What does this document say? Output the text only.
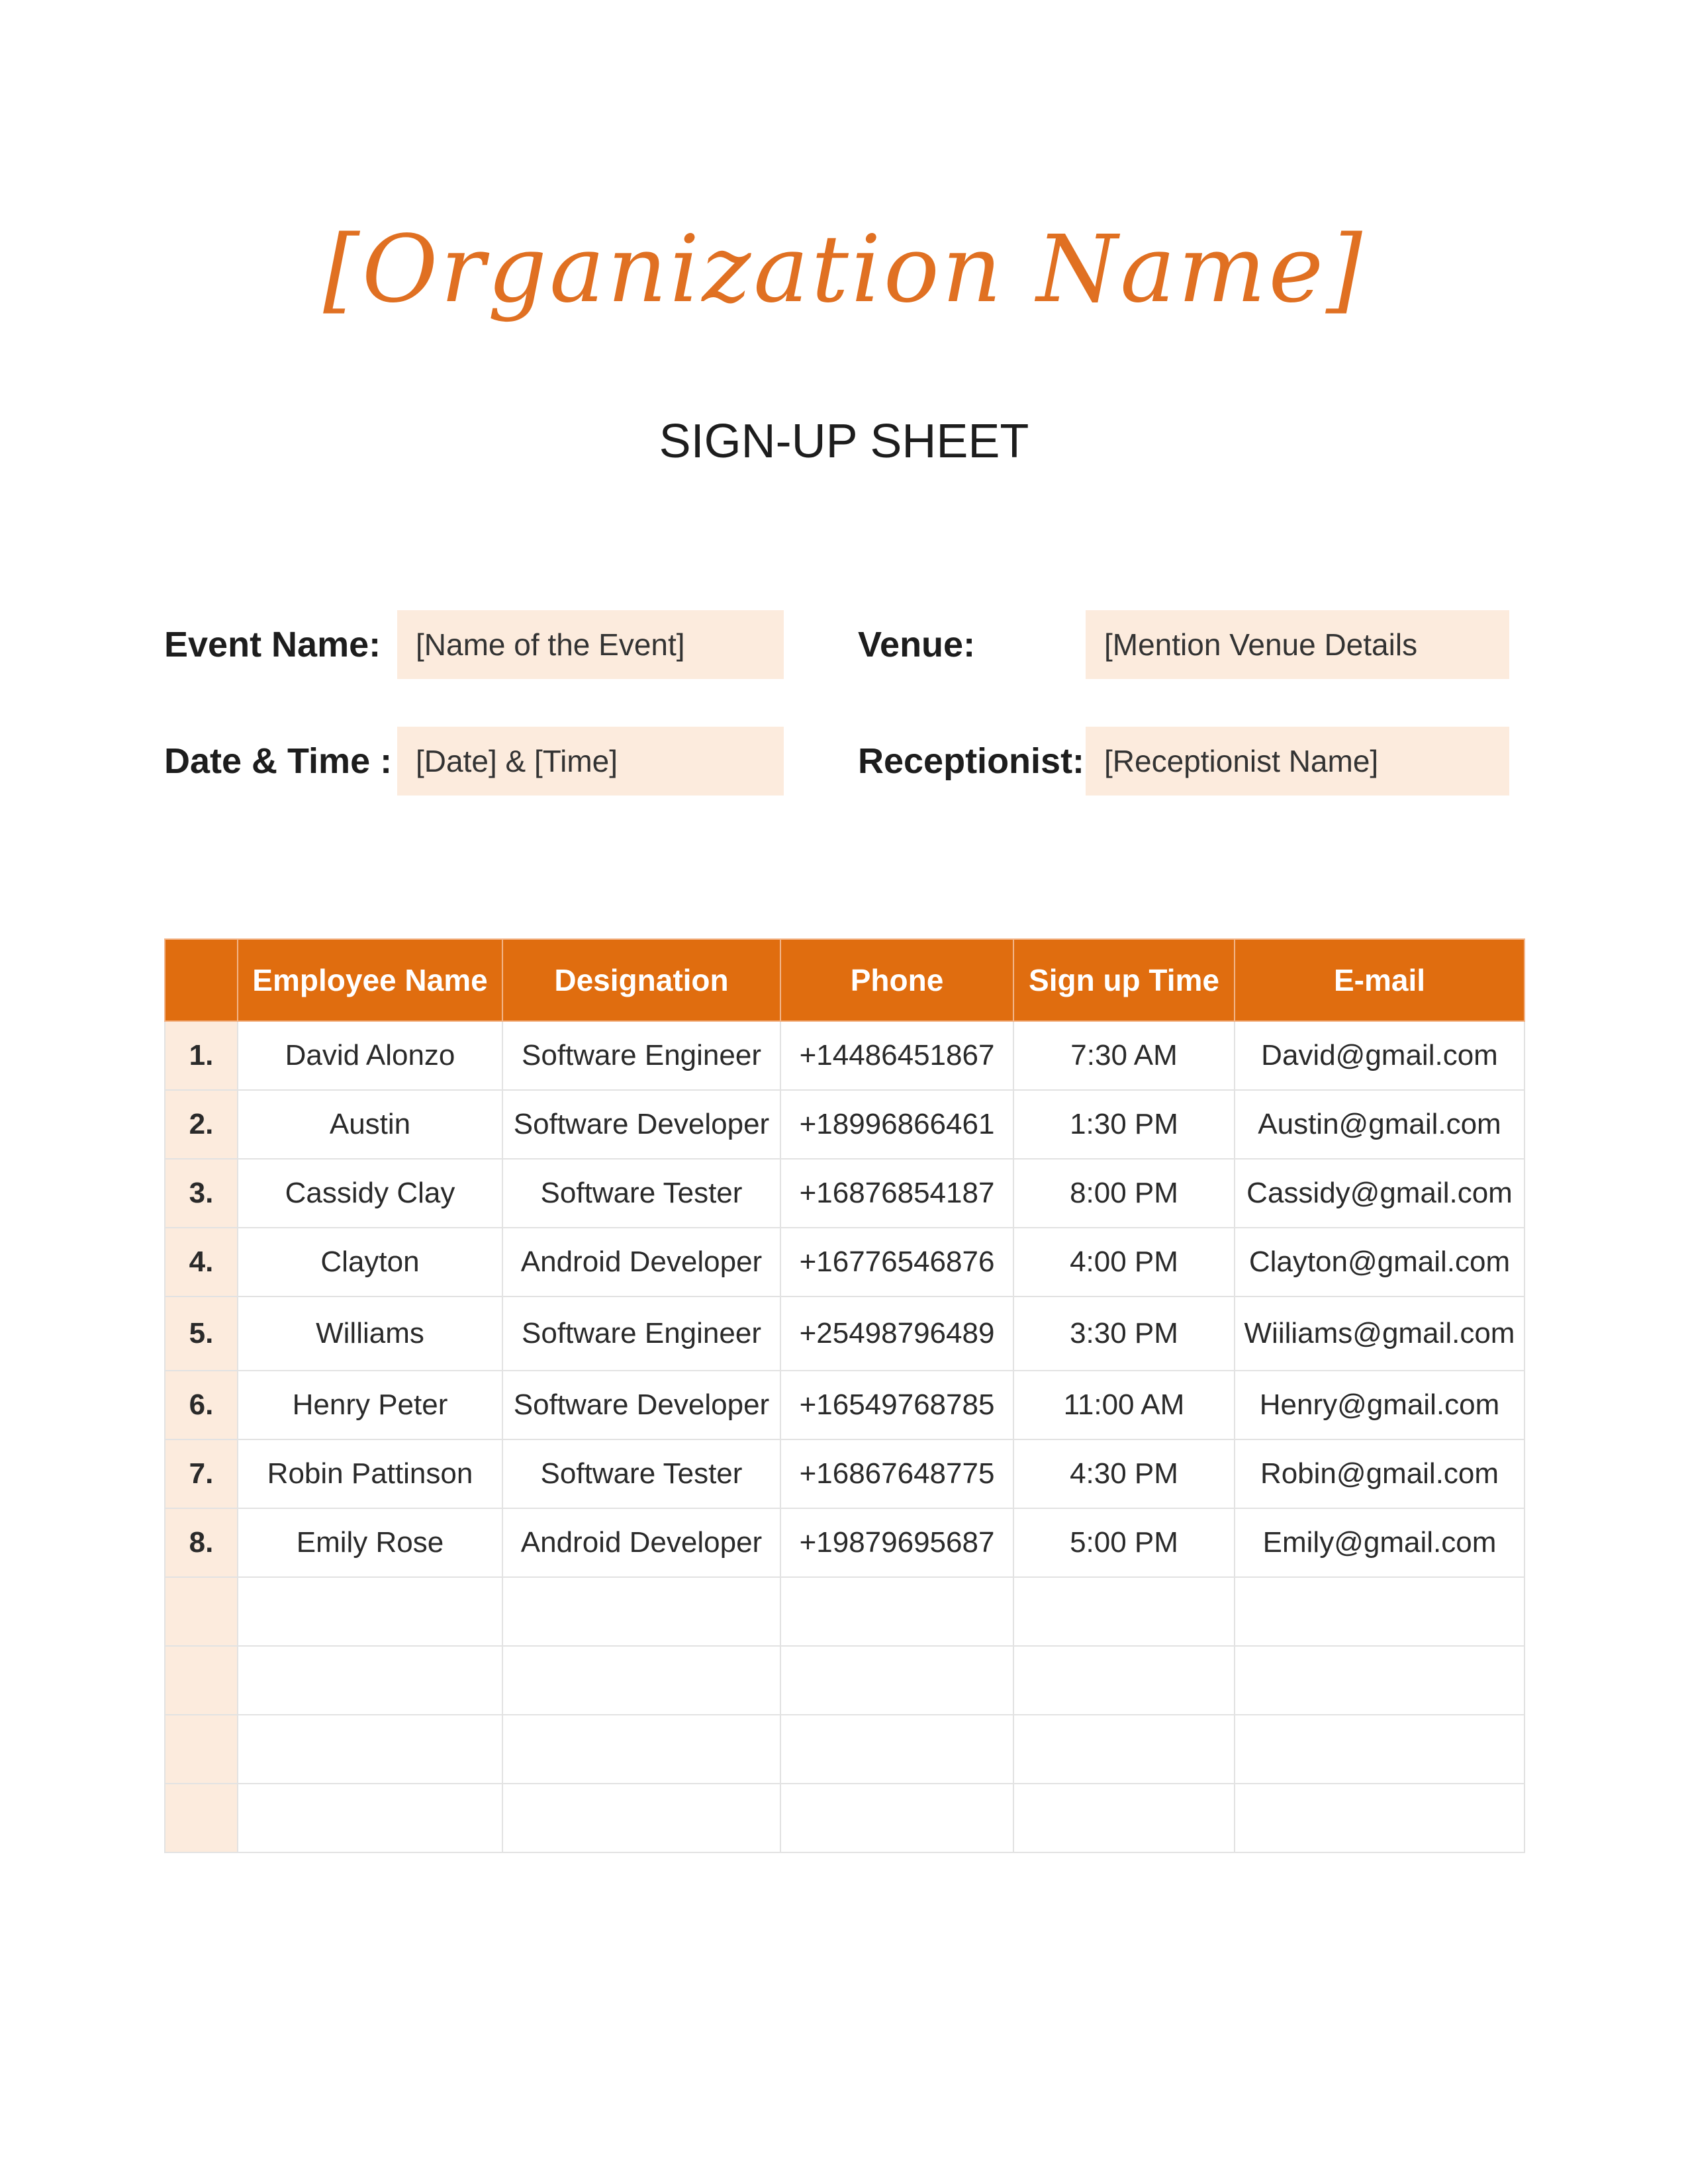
[Organization Name]
SIGN-UP SHEET
Event Name:	[Name of the Event]	Venue:	[Mention Venue Details
Date & Time : [Date] & [Time]	Receptionist: [Receptionist Name]
	Employee Name	Designation	Phone	Sign up Time	E-mail
1.	David Alonzo	Software Engineer	+14486451867	7:30 AM	David@gmail.com
2.	Austin	Software Developer	+18996866461	1:30 PM	Austin@gmail.com
3.	Cassidy Clay	Software Tester	+16876854187	8:00 PM	Cassidy@gmail.com
4.	Clayton	Android Developer	+16776546876	4:00 PM	Clayton@gmail.com
5.	Williams	Software Engineer	+25498796489	3:30 PM	Wiiliams@gmail.com
6.	Henry Peter	Software Developer	+16549768785	11:00 AM	Henry@gmail.com
7.	Robin Pattinson	Software Tester	+16867648775	4:30 PM	Robin@gmail.com
8.	Emily Rose	Android Developer	+19879695687	5:00 PM	Emily@gmail.com
